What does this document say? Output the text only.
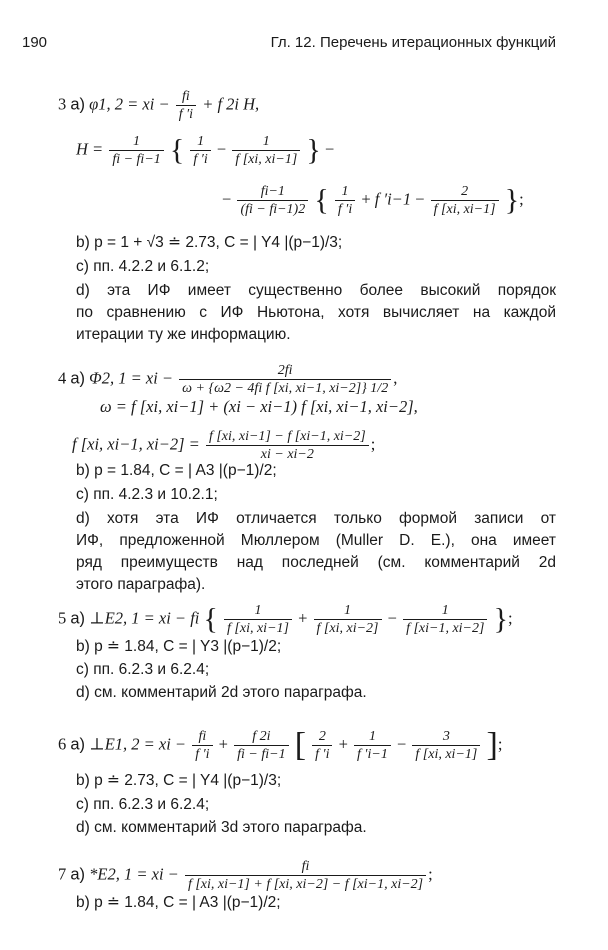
190	Гл. 12. Перечень итерационных функций
3 a) φ1, 2 = xi − $\frac{fi}{f 'i} + f$ 2i H,
$H = \frac{1}{fi - fi-1}$ { $\frac{1}{f 'i} - \frac{1}{f [xi, xi-1]}$ } −
− $\frac{fi-1}{(fi - fi-1)2}$ { $\frac{1}{f 'i} + f$ $'i-1 - \frac{2}{f [xi, xi-1]}$ };
b) p = 1 + √3 ≐ 2.73, C = | Y4 |(p−1)/3;
c) пп. 4.2.2 и 6.1.2;
d) эта ИФ имеет существенно более высокий порядок
по сравнению с ИФ Ньютона, хотя вычисляет на каждой
итерации ту же информацию.
4 a) Φ2, 1 = xi − $\frac{2fi}{\text{ω + \{ω2 − 4fi f [xi, xi−1, xi−2]\} 1/2}}$ ,
ω = f [xi, xi−1] + (xi − xi−1) f [xi, xi−1, xi−2],
f [xi, xi−1, $xi-2] = \frac{f [xi, xi-1] - f [xi-1, xi-2]}{xi - xi-2}$ ;
b) p = 1.84, C = | A3 |(p−1)/2;
c) пп. 4.2.3 и 10.2.1;
d) хотя эта ИФ отличается только формой записи от
ИФ, предложенной Мюллером (Muller D. E.), она имеет
ряд преимуществ над последней (см. комментарий 2d
этого параграфа).
5 a) ⊥E2, 1 = xi − fi { $\frac{1}{f [xi, xi-1]} + \frac{1}{f [xi, xi-2]} - \frac{1}{f [xi-1, xi-2]}$ };
b) p ≐ 1.84, C = | Y3 |(p−1)/2;
c) пп. 6.2.3 и 6.2.4;
d) см. комментарий 2d этого параграфа.
6 a) ⊥E1, 2 = xi − $\frac{fi}{f 'i} + \frac{f 2i}{fi - fi-1}$ [ $\frac{2}{f 'i} + \frac{1}{f 'i-1} - \frac{3}{f [xi, xi-1]}$ ];
b) p ≐ 2.73, C = | Y4 |(p−1)/3;
c) пп. 6.2.3 и 6.2.4;
d) см. комментарий 3d этого параграфа.
7 a) *E2, 1 = xi − $\frac{fi}{f [xi, xi-1] + f [xi, xi-2] - f [xi-1, xi-2]}$ ;
b) p ≐ 1.84, C = | A3 |(p−1)/2;
